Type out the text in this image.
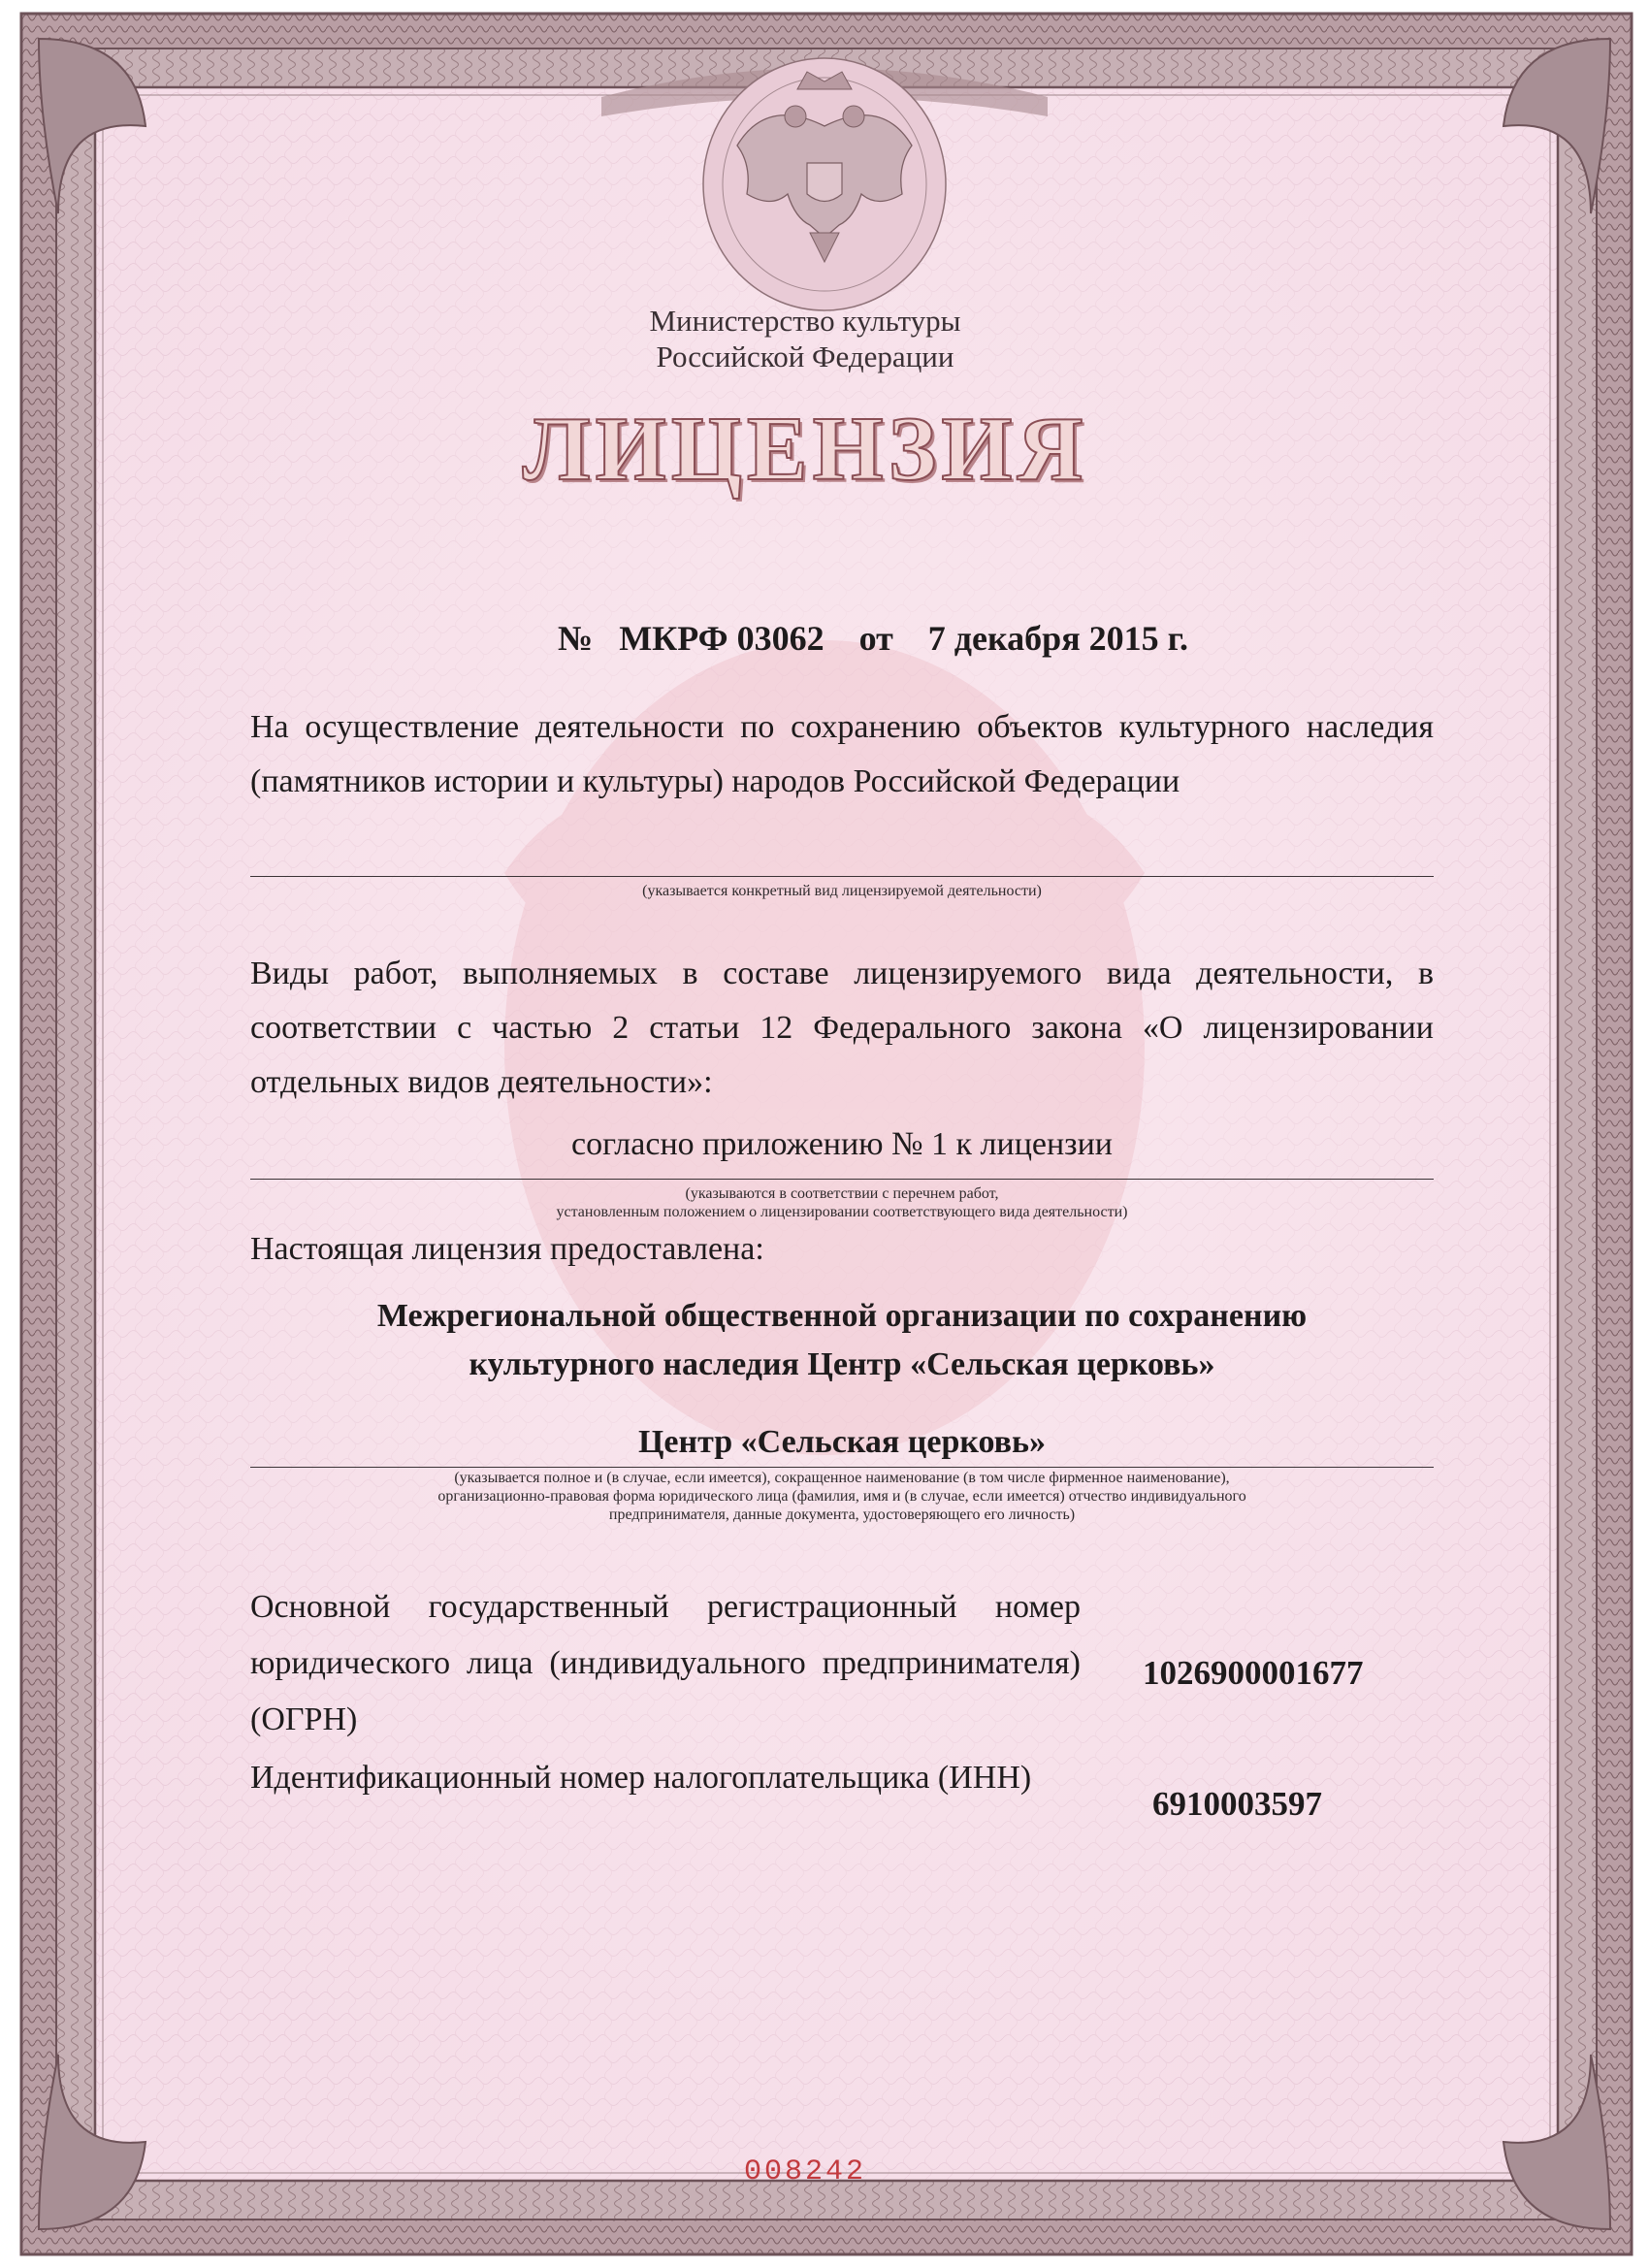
Министерство культуры
Российской Федерации
ЛИЦЕНЗИЯ
№   МКРФ 03062    от    7 декабря 2015 г.
На осуществление деятельности по сохранению объектов культурного наследия (памятников истории и культуры) народов Российской Федерации
(указывается конкретный вид лицензируемой деятельности)
Виды работ, выполняемых в составе лицензируемого вида деятельности, в соответствии с частью 2 статьи 12 Федерального закона «О лицензировании отдельных видов деятельности»:
согласно приложению № 1 к лицензии
(указываются в соответствии с перечнем работ,
установленным положением о лицензировании соответствующего вида деятельности)
Настоящая лицензия предоставлена:
Межрегиональной общественной организации по сохранению
культурного наследия Центр «Сельская церковь»
Центр «Сельская церковь»
(указывается полное и (в случае, если имеется), сокращенное наименование (в том числе фирменное наименование),
организационно-правовая форма юридического лица (фамилия, имя и (в случае, если имеется) отчество индивидуального
предпринимателя, данные документа, удостоверяющего его личность)
Основной государственный регистрационный номер юридического лица (индивидуального предпринимателя) (ОГРН)
1026900001677
Идентификационный номер налогоплательщика (ИНН)
6910003597
008242
